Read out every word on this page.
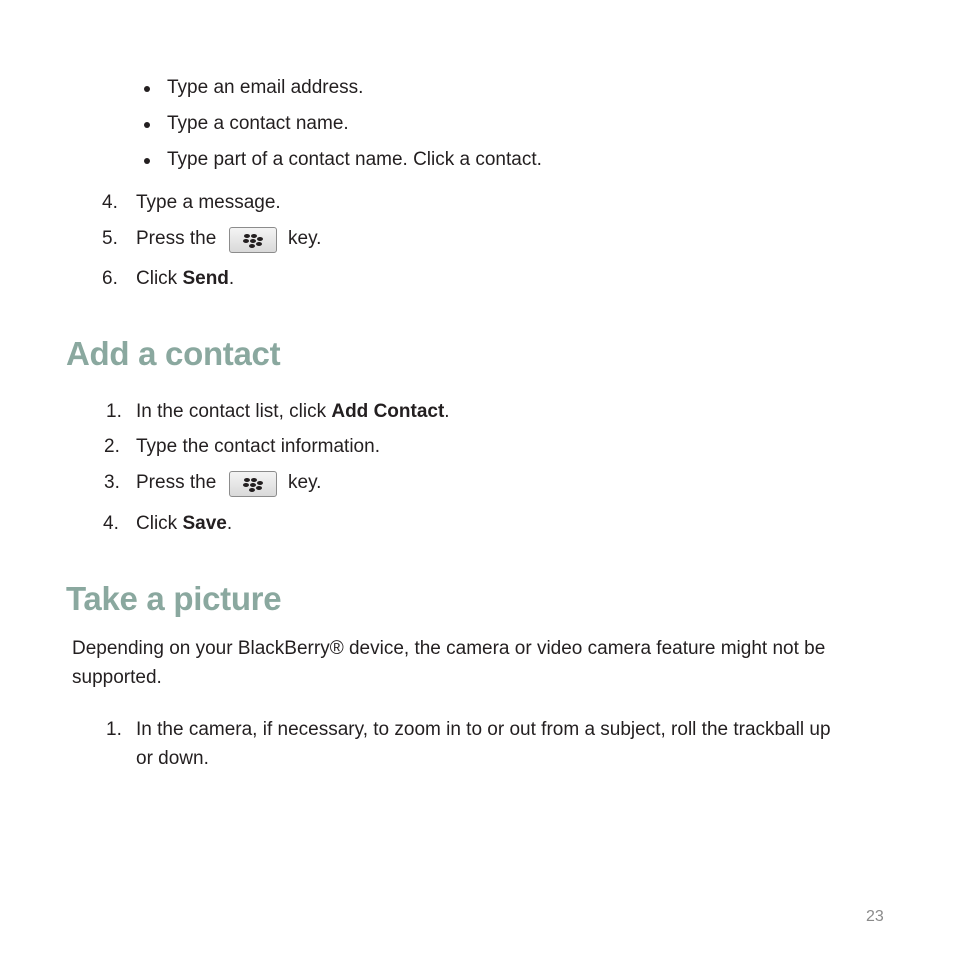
Type an email address.
Type a contact name.
Type part of a contact name. Click a contact.
4. Type a message.
5. Press the	key.
6. Click Send.
Add a contact
1. In the contact list, click Add Contact.
2. Type the contact information.
3. Press the	key.
4. Click Save.
Take a picture
Depending on your BlackBerry® device, the camera or video camera feature might not be
supported.
1. In the camera, if necessary, to zoom in to or out from a subject, roll the trackball up
or down.
23
